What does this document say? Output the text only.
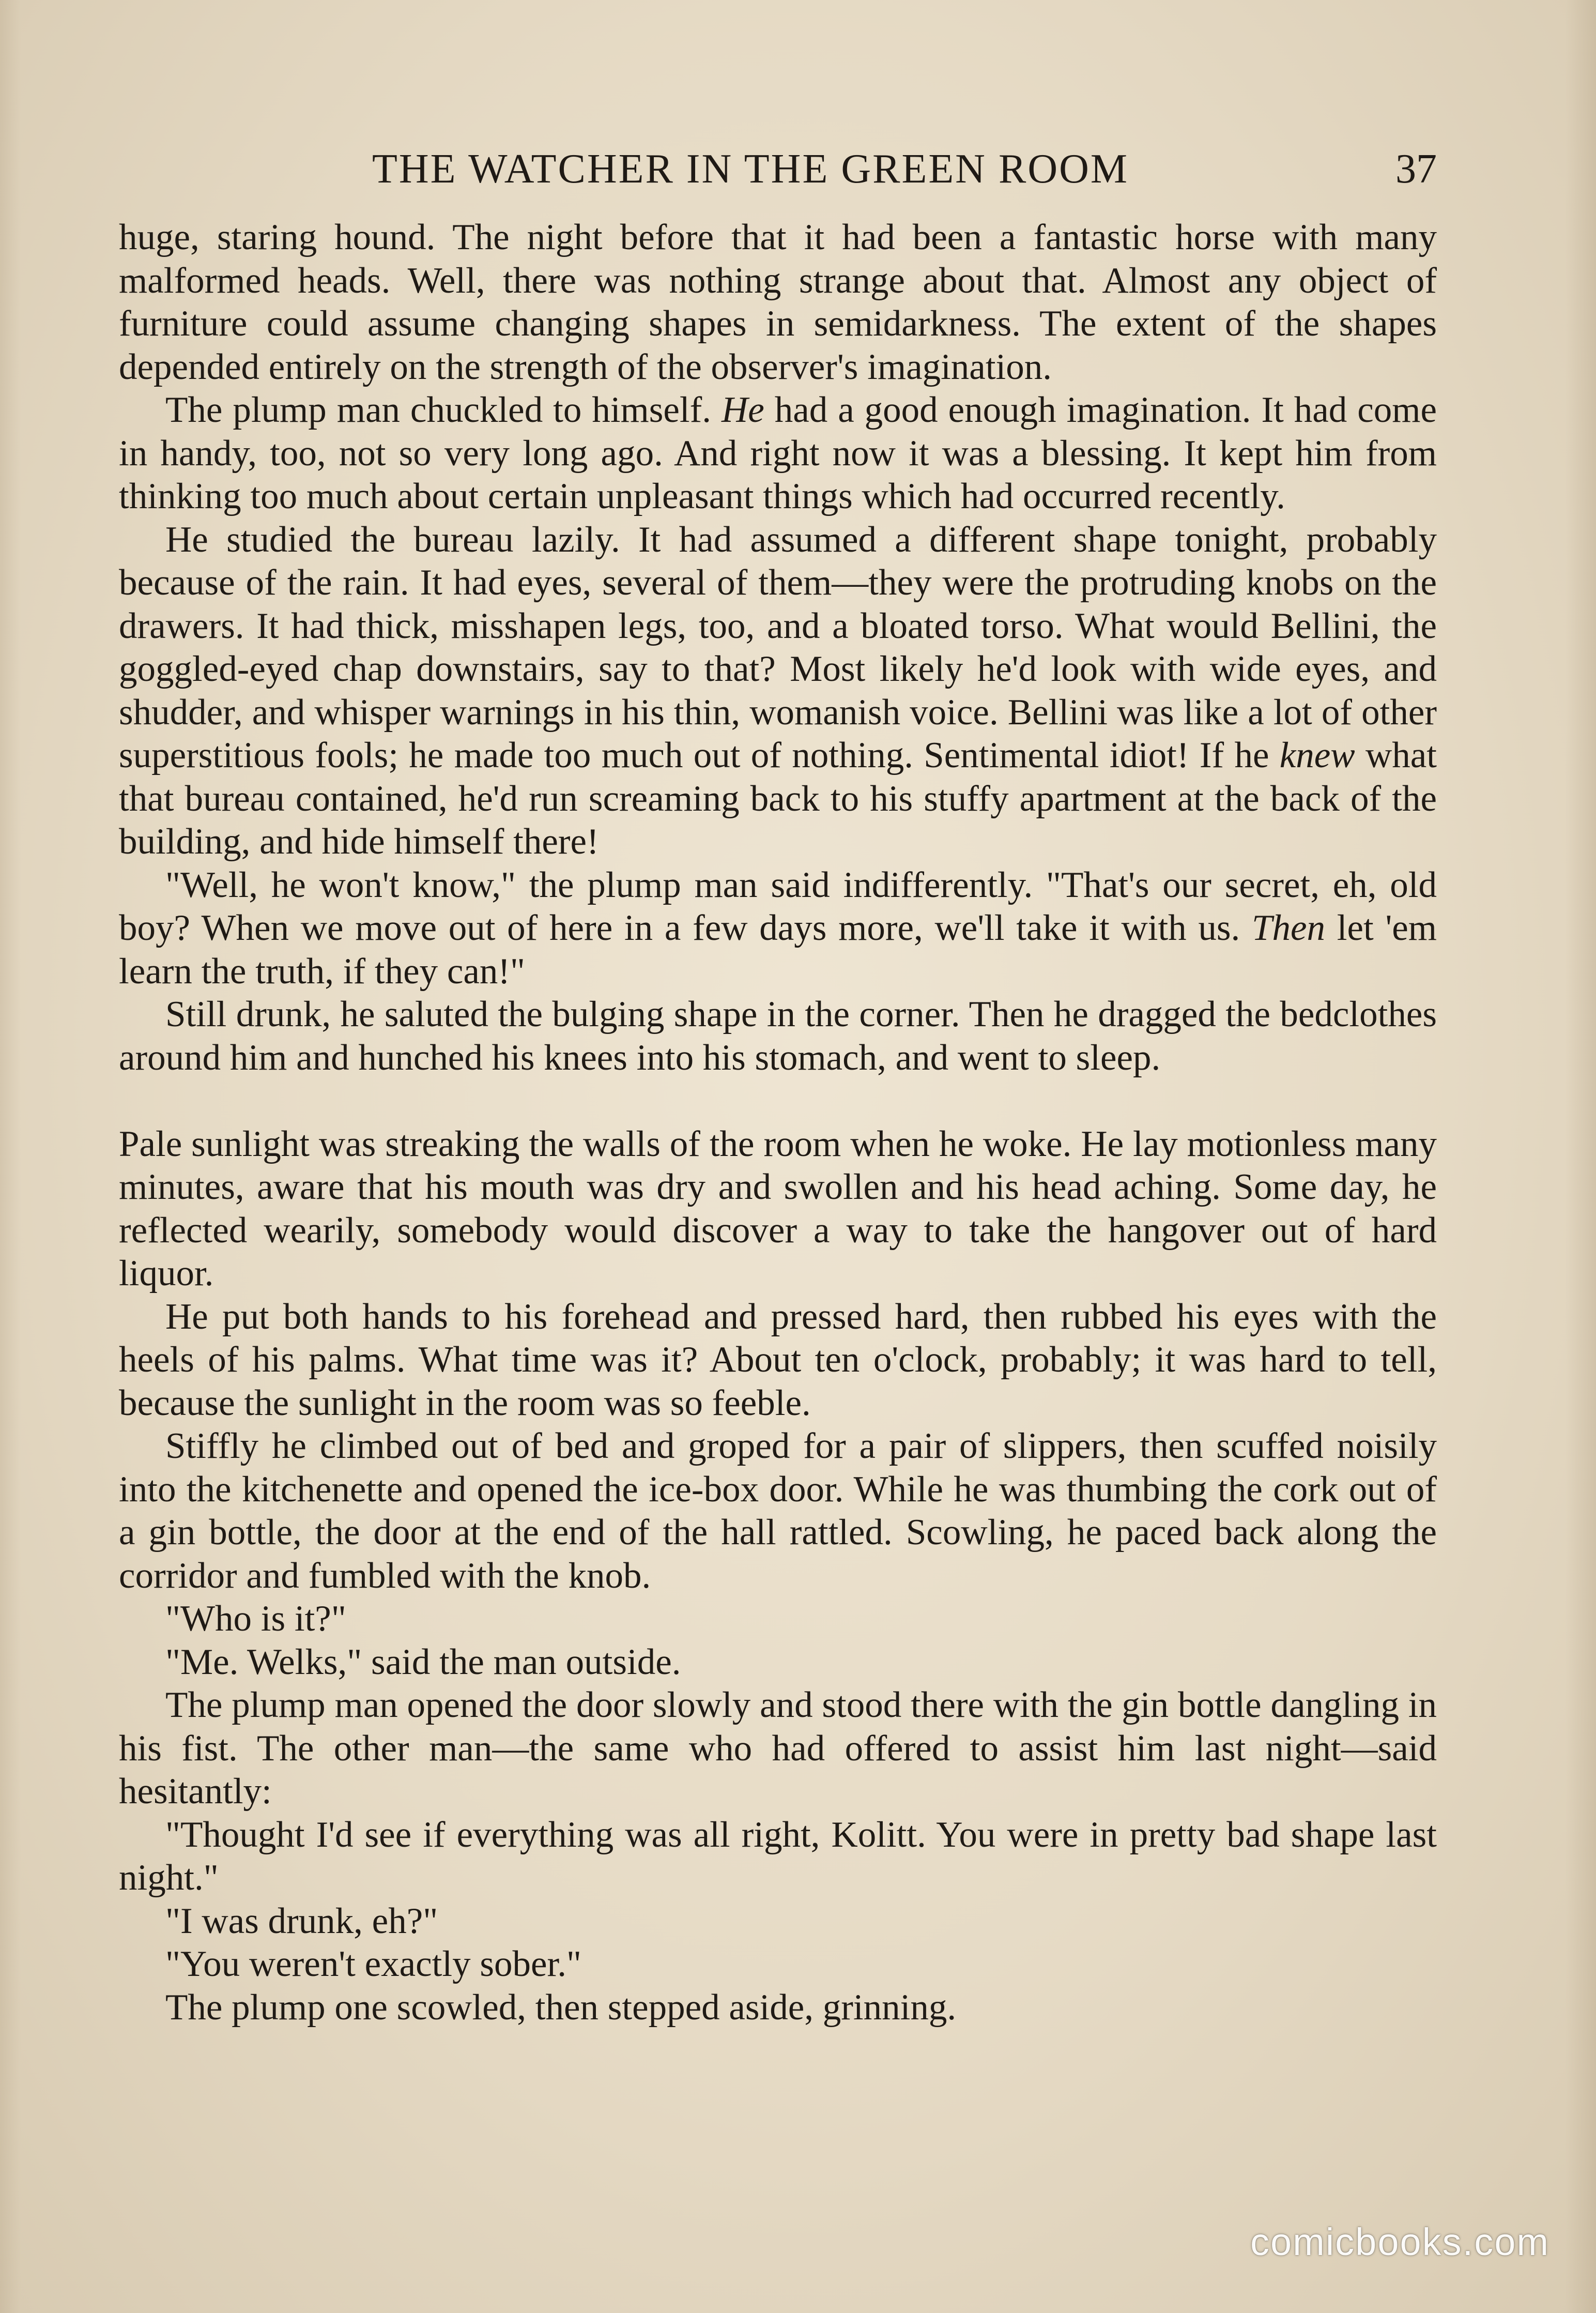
THE WATCHER IN THE GREEN ROOM	37

huge, staring hound. The night before that it had been a fantastic horse with many malformed heads. Well, there was nothing strange about that. Almost any object of furniture could assume changing shapes in semidarkness. The extent of the shapes depended entirely on the strength of the observer's imagination.

The plump man chuckled to himself. He had a good enough imagination. It had come in handy, too, not so very long ago. And right now it was a blessing. It kept him from thinking too much about certain unpleasant things which had occurred recently.

He studied the bureau lazily. It had assumed a different shape tonight, probably because of the rain. It had eyes, several of them—they were the protruding knobs on the drawers. It had thick, misshapen legs, too, and a bloated torso. What would Bellini, the goggled-eyed chap downstairs, say to that? Most likely he'd look with wide eyes, and shudder, and whisper warnings in his thin, womanish voice. Bellini was like a lot of other superstitious fools; he made too much out of nothing. Sentimental idiot! If he knew what that bureau contained, he'd run screaming back to his stuffy apartment at the back of the building, and hide himself there!

"Well, he won't know," the plump man said indifferently. "That's our secret, eh, old boy? When we move out of here in a few days more, we'll take it with us. Then let 'em learn the truth, if they can!"

Still drunk, he saluted the bulging shape in the corner. Then he dragged the bedclothes around him and hunched his knees into his stomach, and went to sleep.

Pale sunlight was streaking the walls of the room when he woke. He lay motionless many minutes, aware that his mouth was dry and swollen and his head aching. Some day, he reflected wearily, somebody would discover a way to take the hangover out of hard liquor.

He put both hands to his forehead and pressed hard, then rubbed his eyes with the heels of his palms. What time was it? About ten o'clock, probably; it was hard to tell, because the sunlight in the room was so feeble.

Stiffly he climbed out of bed and groped for a pair of slippers, then scuffed noisily into the kitchenette and opened the ice-box door. While he was thumbing the cork out of a gin bottle, the door at the end of the hall rattled. Scowling, he paced back along the corridor and fumbled with the knob.

"Who is it?"

"Me. Welks," said the man outside.

The plump man opened the door slowly and stood there with the gin bottle dangling in his fist. The other man—the same who had offered to assist him last night—said hesitantly:

"Thought I'd see if everything was all right, Kolitt. You were in pretty bad shape last night."

"I was drunk, eh?"

"You weren't exactly sober."

The plump one scowled, then stepped aside, grinning.

comicbooks.com
